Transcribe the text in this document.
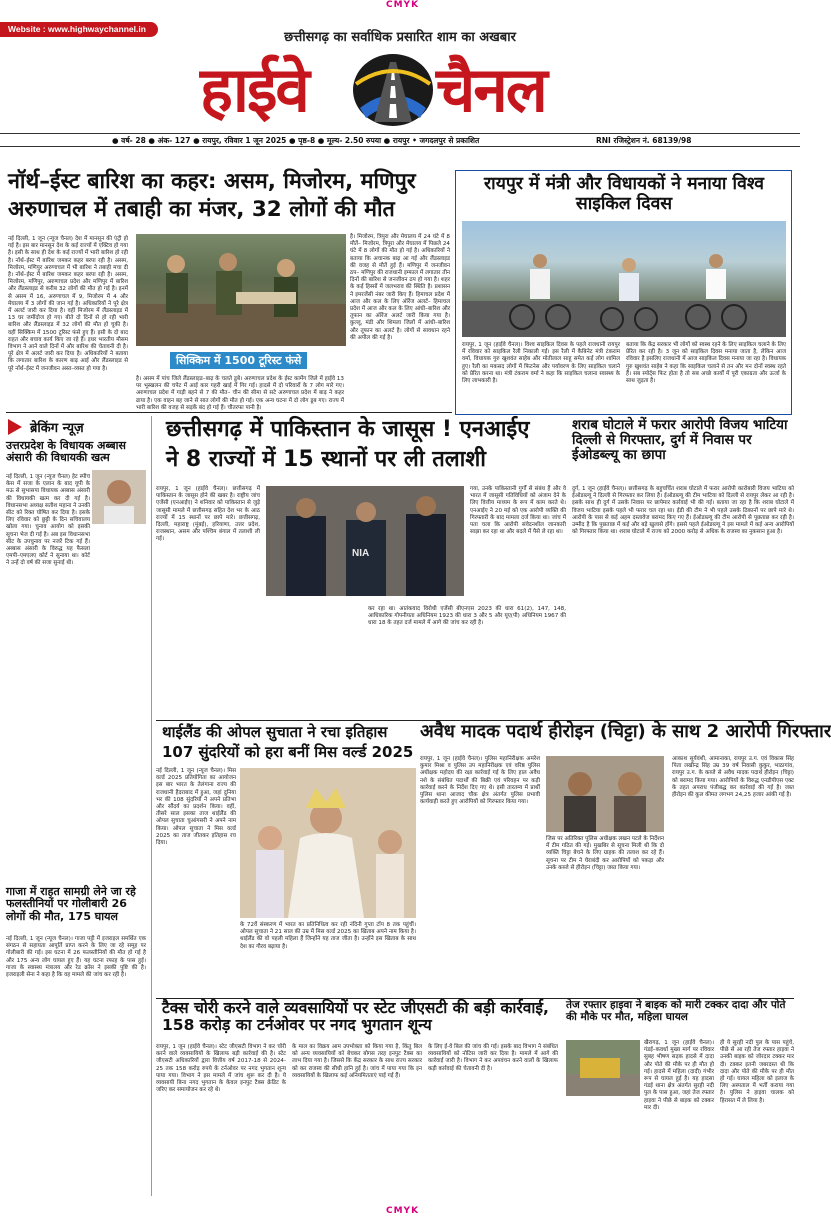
CMYK
Website : www.highwaychannel.in
छत्तीसगढ़ का सर्वाधिक प्रसारित शाम का अखबार
हाईवे चैनल
● वर्ष- 28 ● अंक- 127 ● रायपुर, रविवार 1 जून 2025 ● पृष्ठ-8 ● मूल्य- 2.50 रुपया ● रायपुर • जगदलपुर से प्रकाशित	RNI रजिस्ट्रेशन नं. 68139/98
नॉर्थ–ईस्ट बारिश का कहर: असम, मिजोरम, मणिपुर
अरुणाचल में तबाही का मंजर, 32 लोगों की मौत
नई दिल्ली, 1 जून (न्यूज चैनल) देश में मानसून की एंट्री हो गई है। इस बार मानसून देश के कई राज्यों में एक्टिव हो गया है। इसी के साथ ही देश के कई राज्यों में भारी बारिश हो रही है। नॉर्थ–ईस्ट में बारिश जमकर कहर बरपा रही है। असम, मिजोरम, मणिपुर अरुणाचल में भी बारिश ने तबाही मचा दी है। नॉर्थ–ईस्ट में बारिश जमकर कहर बरपा रही है। असम, मिजोरम, मणिपुर, अरुणाचल प्रदेश और मणिपुर में बारिश और लैंडस्लाइड से करीब 32 लोगों की मौत हो गई है। इनमें से असम में 16, अरुणाचल में 9, मिजोरम में 4 और मेघालय में 3 लोगों की जान गई है। अधिकारियों ने पूरे क्षेत्र में अलर्ट जारी कर दिया है। वहीं मिजोरम में लैंडस्लाइड में 13 घर जमींदोज हो गए। बीते दो दिनों से हो रही भारी बारिश और लैंडस्लाइड में 32 लोगों की मौत हो चुकी है। वहीं सिक्किम में 1500 टूरिस्ट फंसे हुए हैं। इसी के दो बाद राहत और बचाव कार्य किए जा रहे हैं। इधर भारतीय मौसम विभाग ने आने वाले दिनों में और बारिश की चेतावनी दी है। पूरे क्षेत्र में अलर्ट जारी कर दिया है। अधिकारियों ने बताया कि लगातार बारिश के कारण बाढ़ आई और लैंडस्लाइड से पूरे नॉर्थ–ईस्ट में जनजीवन अस्त–व्यस्त हो गया है।
सिक्किम में 1500 टूरिस्ट फंसे
है। असम में पांच जिले लैंडस्लाइड–बाढ़ के चलते डूबे। अरुणाचल प्रदेश के ईस्ट कामेंग जिले में हाईवे 13 पर भूस्खलन की चपेट में आई कार गहरी खाई में गिर गई। हादसे में दो परिवारों के 7 लोग मारे गए। अरुणाचल प्रदेश में गाड़ी बहने से 7 की मौत– चीन की सीमा से सटे अरुणाचल प्रदेश में बाढ़ ने कहर ढाया है। एक वाहन बह जाने से सात लोगों की मौत हो गई। एक अन्य घटना में दो लोग डूब गए। राज्य में भारी बारिश की वजह से सड़कें बंद हो गई हैं। चौतरफा पानी है।
है। मिजोरम, त्रिपुरा और मेघालय में 24 घंटे में 8 मौतें– मिजोरम, त्रिपुरा और मेघालय में पिछले 24 घंटे में 8 लोगों की मौत हो गई है। अधिकारियों ने बताया कि अचानक बाढ़ आ गई और लैंडस्लाइड की वजह से मौतें हुई हैं। मणिपुर में जनजीवन ठप– मणिपुर की राजधानी इम्फाल में लगातार तीन दिनों की बारिश से जनजीवन ठप हो गया है। शहर के कई हिस्सों में जलभराव की स्थिति है। प्रशासन ने इमरजेंसी नंबर जारी किए हैं। हिमाचल प्रदेश में आज और कल के लिए ऑरेंज अलर्ट– हिमाचल प्रदेश में आज और कल के लिए आंधी–बारिश और तूफान का ऑरेंज अलर्ट जारी किया गया है। कुल्लू, मंडी और शिमला जिलों में आंधी–बारिश और तूफान का अलर्ट है। लोगों से सावधान रहने की अपील की गई है।
रायपुर में मंत्री और विधायकों ने मनाया विश्व साइकिल दिवस
रायपुर, 1 जून (हाईवे चैनल)। विश्व साइकिल दिवस के पहले राजधानी रायपुर में रविवार को साइकिल रैली निकाली गई। इस रैली में कैबिनेट मंत्री टंकराम वर्मा, विधायक गुरु खुशवंत साहेब और मोतीलाल साहू समेत कई लोग शामिल हुए। रैली का मकसद लोगों में फिटनेस और पर्यावरण के लिए साइकिल चलाने को प्रेरित करना था। मंत्री टंकराम वर्मा ने कहा कि साइकिल चलाना स्वास्थ्य के लिए लाभकारी है।
बताया कि केंद्र सरकार भी लोगों को स्वस्थ रहने के लिए साइकिल चलाने के लिए प्रेरित कर रही है। 3 जून को साइकिल दिवस मनाया जाता है, लेकिन आज रविवार है इसलिए राजधानी में आज साइकिल दिवस मनाया जा रहा है। विधायक गुरु खुशवंत साहेब ने कहा कि साइकिल चलाने से तन और मन दोनों स्वस्थ रहते हैं। सब स्पोर्ट्स फिट होता है तो सब अच्छे कार्यों में पूरी एकाग्रता और ऊर्जा के साथ जुड़ता है।
ब्रेकिंग न्यूज़
उत्तरप्रदेश के विधायक अब्बास अंसारी की विधायकी खत्म
नई दिल्ली, 1 जून (न्यूज चैनल) हेट स्पीच केस में सजा के एलान के बाद यूपी के मऊ से सुभासपा विधायक अब्बास अंसारी की विधायकी खत्म कर दी गई है। विधानसभा अध्यक्ष सतीश महाना ने उनकी सीट को रिक्त घोषित कर दिया है। इसके लिए रविवार को छुट्टी के दिन सचिवालय खोला गया। चुनाव आयोग को इसकी सूचना भेज दी गई है। अब इस विधानसभा सीट के उपचुनाव पर नजरें टिक गई हैं। अब्बास अंसारी के विरुद्ध यह फैसला एमपी–एमएलए कोर्ट ने सुनाया था। कोर्ट ने उन्हें दो वर्ष की सजा सुनाई थी।
गाजा में राहत सामग्री लेने जा रहे फलस्तीनियों पर गोलीबारी 26 लोगों की मौत, 175 घायल
नई दिल्ली, 1 जून (न्यूज चैनल)। गाजा पट्टी में इजराइल समर्थित एक संगठन से सहायता आपूर्ति प्राप्त करने के लिए जा रहे समूह पर गोलीबारी की गई। इस घटना में 26 फलस्तीनियों की मौत हो गई है और 175 अन्य लोग घायल हुए हैं। यह घटना रफाह के पास हुई। गाजा के स्वास्थ्य मंत्रालय और रेड क्रॉस ने इसकी पुष्टि की है। इजराइली सेना ने कहा है कि वह मामले की जांच कर रही है।
छत्तीसगढ़ में पाकिस्तान के जासूस ! एनआईए
ने 8 राज्यों में 15 स्थानों पर ली तलाशी
रायपुर, 1 जून (हाईवे चैनल)। छत्तीसगढ़ में पाकिस्तान के जासूस होने की खबर है। राष्ट्रीय जांच एजेंसी (एनआईए) ने शनिवार को पाकिस्तान से जुड़े जासूसी मामले में छत्तीसगढ़ सहित देश भर के आठ राज्यों में 15 स्थानों पर छापे मारे। छत्तीसगढ़, दिल्ली, महाराष्ट्र (मुंबई), हरियाणा, उत्तर प्रदेश, राजस्थान, असम और पश्चिम बंगाल में तलाशी ली गई।
NIA
गया, उनके पाकिस्तानी गुर्गों से संबंध हैं और वे भारत में जासूसी गतिविधियों को अंजाम देने के लिए वित्तीय माध्यम के रूप में काम करते थे। एनआईए ने 20 मई को एक आरोपी व्यक्ति की गिरफ्तारी के बाद मामला दर्ज किया था। जांच में पता चला कि आरोपी संवेदनशील जानकारी साझा कर रहा था और बदले में पैसे ले रहा था।
कर रहा था। आतंकवाद विरोधी एजेंसी बीएनएस 2023 की धारा 61(2), 147, 148, आधिकारिक गोपनीयता अधिनियम 1923 की धारा 3 और 5 और यूए(पी) अधिनियम 1967 की धारा 18 के तहत दर्ज मामले में आगे की जांच कर रही है।
शराब घोटाले में फरार आरोपी विजय भाटिया दिल्ली से गिरफ्तार, दुर्ग में निवास पर ईओडब्ल्यू का छापा
दुर्ग, 1 जून (हाईवे चैनल)। छत्तीसगढ़ के बहुचर्चित शराब घोटाले में फरार आरोपी कारोबारी विजय भाटिया को ईओडब्ल्यू ने दिल्ली से गिरफ्तार कर लिया है। ईओडब्ल्यू की टीम भाटिया को दिल्ली से रायपुर लेकर आ रही है। इसके साथ ही दुर्ग में उसके निवास पर छापेमार कार्रवाई भी की गई। बताया जा रहा है कि शराब घोटाले में विजय भाटिया इसके पहले भी फरार चल रहा था। ईडी की टीम ने भी पहले उसके ठिकानों पर छापे मारे थे। आरोपी के पास से कई अहम दस्तावेज बरामद किए गए हैं। ईओडब्ल्यू की टीम आरोपी से पूछताछ कर रही है। उम्मीद है कि पूछताछ में कई और बड़े खुलासे होंगे। इससे पहले ईओडब्ल्यू ने इस मामले में कई अन्य आरोपियों को गिरफ्तार किया था। शराब घोटाले में राज्य को 2000 करोड़ से अधिक के राजस्व का नुकसान हुआ है।
थाईलैंड की ओपल सुचाता ने रचा इतिहास
107 सुंदरियों को हरा बनीं मिस वर्ल्ड 2025
नई दिल्ली, 1 जून (न्यूज चैनल)। मिस वर्ल्ड 2025 प्रतियोगिता का आयोजन इस बार भारत के तेलंगाना राज्य की राजधानी हैदराबाद में हुआ, जहां दुनिया भर की 108 सुंदरियों ने अपने प्रतिभा और सौंदर्य का प्रदर्शन किया। वहीं, तीसरे साल इसका ताज थाईलैंड की ओपल सुचाता चुआंगसरी ने अपने नाम किया। ओपल सुचाता ने मिस वर्ल्ड 2025 का ताज जीतकर इतिहास रच दिया।
के 72वें संस्करण में भारत का प्रतिनिधित्व कर रही नंदिनी गुप्ता टॉप 8 तक पहुंचीं। ओपल सुचाता ने 21 साल की उम्र में मिस वर्ल्ड 2025 का खिताब अपने नाम किया है। थाईलैंड की वो पहली महिला हैं जिन्होंने यह ताज जीता है। उन्होंने इस खिताब के साथ देश का गौरव बढ़ाया है।
अवैध मादक पदार्थ हीरोइन (चिट्टा) के साथ 2 आरोपी गिरफ्तार
रायपुर, 1 जून (हाईवे चैनल)। पुलिस महानिरीक्षक अमरेश कुमार मिश्रा व पुलिस उप महानिरीक्षक एवं वरिष्ठ पुलिस अधीक्षक महोदय की रक्षा कार्रवाई गई के लिए हाल अवैध नशे के संबंधित पदार्थों की बिक्री एवं परिवहन पर कड़ी कार्रवाई करने के निर्देश दिए गए थे। इसी तारतम्य में प्रार्थी पुलिस थाना आजाद चौक क्षेत्र अंतर्गत पुलिस प्रभावी कार्यवाही करते हुए आरोपियों को गिरफ्तार किया गया।
जिस पर अतिरिक्त पुलिस अधीक्षक लखन पटले के निर्देशन में टीम गठित की गई। मुखबिर से सूचना मिली थी कि दो व्यक्ति चिट्टा बेचने के लिए ग्राहक की तलाश कर रहे हैं। सूचना पर टीम ने घेराबंदी कर आरोपियों को पकड़ा और उनके कब्जे से हीरोइन (चिट्टा) जब्त किया गया।
आकाश सूर्यवंशी, आमानाका, रायपुर उ.ग. एवं विकास सिंह पिता लखीन्द्र सिंह उम्र 39 वर्ष निवासी कुकुर, भाठागांव, रायपुर उ.ग. के कब्जे से अवैध मादक पदार्थ हीरोइन (चिट्टा) को बरामद किया गया। आरोपियों के विरुद्ध एनडीपीएस एक्ट के तहत अपराध पंजीबद्ध कर कार्रवाई की गई है। जब्त हीरोइन की कुल कीमत लगभग 24,25 हजार आंकी गई है।
टैक्स चोरी करने वाले व्यवसायियों पर स्टेट जीएसटी की बड़ी कार्रवाई, 158 करोड़ का टर्नओवर पर नगद भुगतान शून्य
रायपुर, 1 जून (हाईवे चैनल)। स्टेट जीएसटी विभाग ने कर चोरी करने वाले व्यवसायियों के खिलाफ बड़ी कार्रवाई की है। स्टेट जीएसटी अधिकारियों द्वारा वित्तीय वर्ष 2017-18 से 2024-25 तक 158 करोड़ रुपये के टर्नओवर पर नगद भुगतान शून्य पाया गया। विभाग ने इस मामले में जांच शुरू कर दी है। ये व्यवसायी बिना नगद भुगतान के केवल इनपुट टैक्स क्रेडिट के जरिए कर समायोजन कर रहे थे।
के माल का विक्रय आम उपभोक्ता को किया गया है, किंतु बिल को अन्य व्यवसायियों को बेचकर बोगस तरह इनपुट टैक्स का लाभ दिया गया है। जिससे कि केंद्र सरकार के साथ राज्य सरकार को कर राजस्व की सीधी हानि हुई है। जांच में पाया गया कि इन व्यवसायियों के खिलाफ कई अनियमितताएं पाई गई हैं।
के लिए ई-वे बिल की जांच की गई। इसके बाद विभाग ने संबंधित व्यवसायियों को नोटिस जारी कर दिया है। मामले में आगे की कार्रवाई जारी है। विभाग ने कर अपवंचन करने वालों के खिलाफ कड़ी कार्रवाई की चेतावनी दी है।
तेज रफ्तार हाइवा ने बाइक को मारी टक्कर दादा और पोते की मौके पर मौत, महिला घायल
खैरागढ़, 1 जून (हाईवे चैनल)। गंडई–कवर्धा मुख्य मार्ग पर रविवार सुबह भीषण सड़क हादसे में दादा और पोते की मौके पर ही मौत हो गई। हादसे में महिला (दादी) गंभीर रूप से घायल हुई है। यह हादसा गंडई थाना क्षेत्र अंतर्गत सुरही नदी पुल के पास हुआ, जहां तेज रफ्तार हाइवा ने पीछे से बाइक को टक्कर मार दी।
ही ये सुरही नदी पुल के पास पहुंचे, पीछे से आ रही तेज रफ्तार हाइवा ने उनकी बाइक को जोरदार टक्कर मार दी। टक्कर इतनी जबरदस्त थी कि दादा और पोते की मौके पर ही मौत हो गई। घायल महिला को इलाज के लिए अस्पताल में भर्ती कराया गया है। पुलिस ने हाइवा चालक को हिरासत में ले लिया है।
CMYK
